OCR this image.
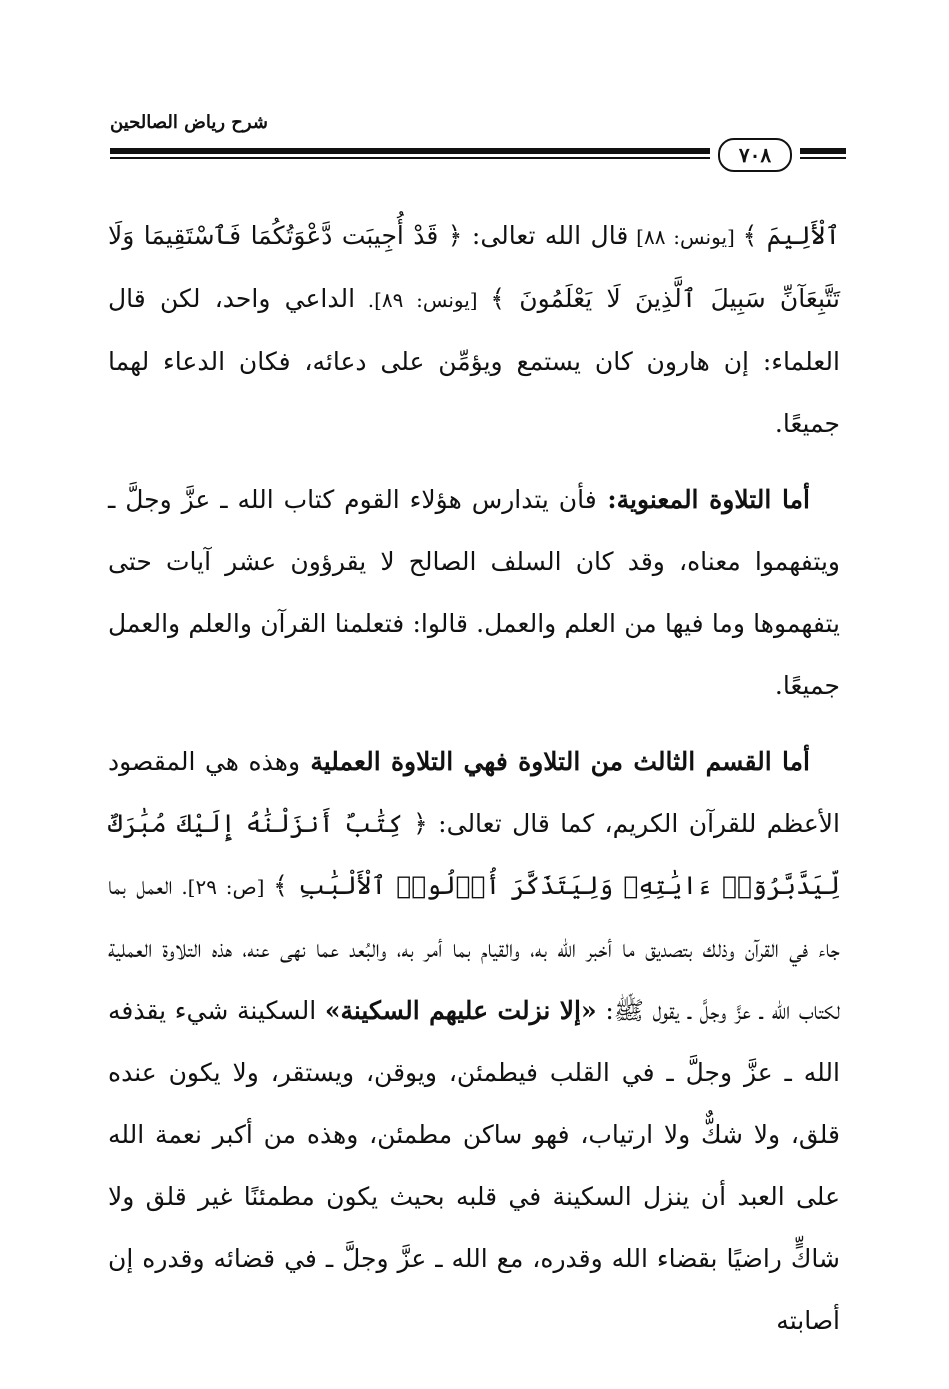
شرح رياض الصالحين
٧٠٨

ٱلْأَلِيمَ ﴾ [يونس: ٨٨] قال الله تعالى: ﴿ قَدْ أُجِيبَت دَّعْوَتُكُمَا فَٱسْتَقِيمَا وَلَا تَتَّبِعَآنِّ سَبِيلَ ٱلَّذِينَ لَا يَعْلَمُونَ ﴾ [يونس: ٨٩]. الداعي واحد، لكن قال العلماء: إن هارون كان يستمع ويؤمِّن على دعائه، فكان الدعاء لهما جميعًا.

أما التلاوة المعنوية: فأن يتدارس هؤلاء القوم كتاب الله ـ عزَّ وجلَّ ـ ويتفهموا معناه، وقد كان السلف الصالح لا يقرؤون عشر آيات حتى يتفهموها وما فيها من العلم والعمل. قالوا: فتعلمنا القرآن والعلم والعمل جميعًا.

أما القسم الثالث من التلاوة فهي التلاوة العملية وهذه هي المقصود الأعظم للقرآن الكريم، كما قال تعالى: ﴿ كِتَٰبٌ أَنزَلْنَٰهُ إِلَيْكَ مُبَٰرَكٌ لِّيَدَّبَّرُوٓا۟ ءَايَٰتِهِۦ وَلِيَتَذَكَّرَ أُو۟لُوا۟ ٱلْأَلْبَٰبِ ﴾ [ص: ٢٩]. العمل بما جاء في القرآن وذلك بتصديق ما أخبر الله به، والقيام بما أمر به، والبُعد عما نهى عنه، هذه التلاوة العملية لكتاب الله ـ عزَّ وجلَّ ـ يقول ﷺ: «إلا نزلت عليهم السكينة» السكينة شيء يقذفه الله ـ عزَّ وجلَّ ـ في القلب فيطمئن، ويوقن، ويستقر، ولا يكون عنده قلق، ولا شكٌّ ولا ارتياب، فهو ساكن مطمئن، وهذه من أكبر نعمة الله على العبد أن ينزل السكينة في قلبه بحيث يكون مطمئنًا غير قلق ولا شاكٍّ راضيًا بقضاء الله وقدره، مع الله ـ عزَّ وجلَّ ـ في قضائه وقدره إن أصابته
